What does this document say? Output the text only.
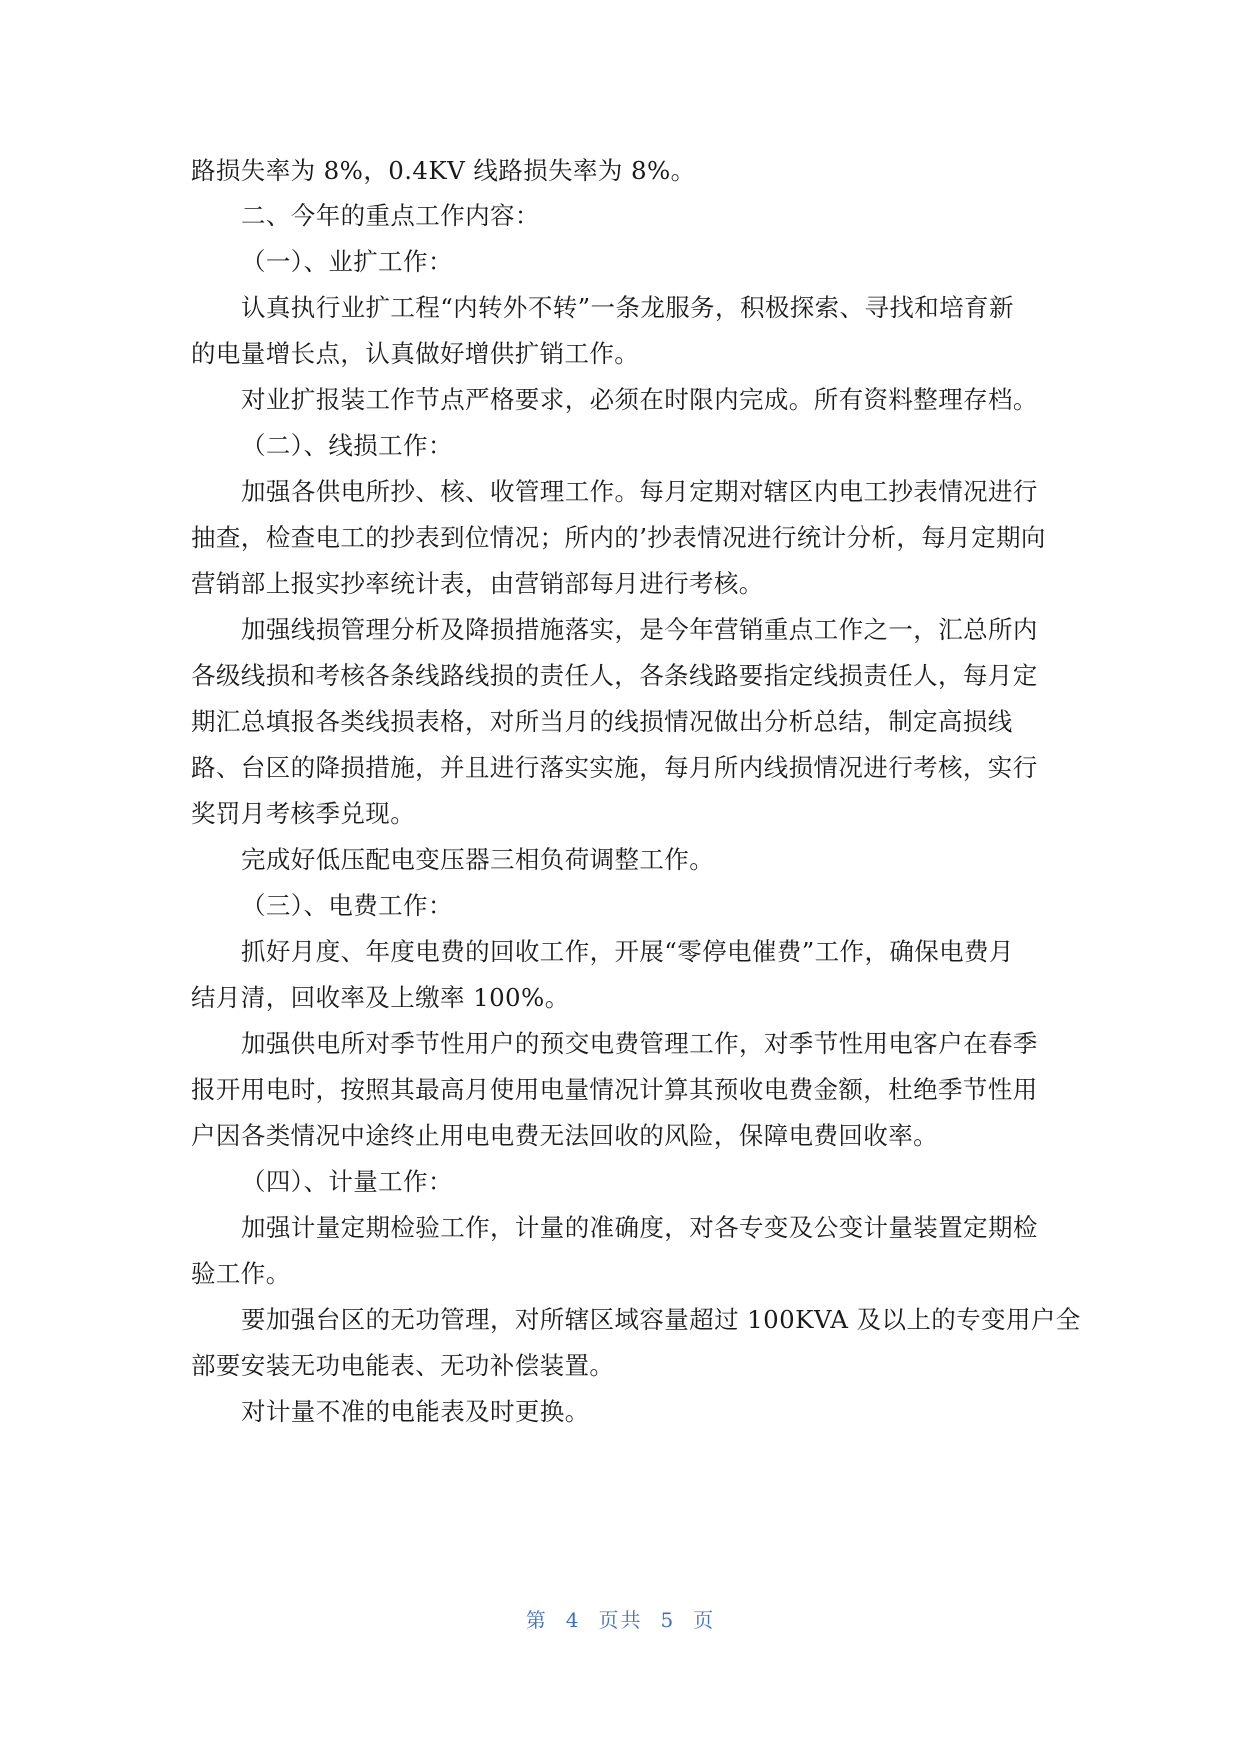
路损失率为 8%，0.4KV 线路损失率为 8%。
二、今年的重点工作内容：
（一）、业扩工作：
认真执行业扩工程“内转外不转”一条龙服务，积极探索、寻找和培育新
的电量增长点，认真做好增供扩销工作。
对业扩报装工作节点严格要求，必须在时限内完成。所有资料整理存档。
（二）、线损工作：
加强各供电所抄、核、收管理工作。每月定期对辖区内电工抄表情况进行
抽查，检查电工的抄表到位情况；所内的’抄表情况进行统计分析，每月定期向
营销部上报实抄率统计表，由营销部每月进行考核。
加强线损管理分析及降损措施落实，是今年营销重点工作之一，汇总所内
各级线损和考核各条线路线损的责任人，各条线路要指定线损责任人，每月定
期汇总填报各类线损表格，对所当月的线损情况做出分析总结，制定高损线
路、台区的降损措施，并且进行落实实施，每月所内线损情况进行考核，实行
奖罚月考核季兑现。
完成好低压配电变压器三相负荷调整工作。
（三）、电费工作：
抓好月度、年度电费的回收工作，开展“零停电催费”工作，确保电费月
结月清，回收率及上缴率 100%。
加强供电所对季节性用户的预交电费管理工作，对季节性用电客户在春季
报开用电时，按照其最高月使用电量情况计算其预收电费金额，杜绝季节性用
户因各类情况中途终止用电电费无法回收的风险，保障电费回收率。
（四）、计量工作：
加强计量定期检验工作，计量的准确度，对各专变及公变计量装置定期检
验工作。
要加强台区的无功管理，对所辖区域容量超过 100KVA 及以上的专变用户全
部要安装无功电能表、无功补偿装置。
对计量不准的电能表及时更换。
第 4 页共 5 页
